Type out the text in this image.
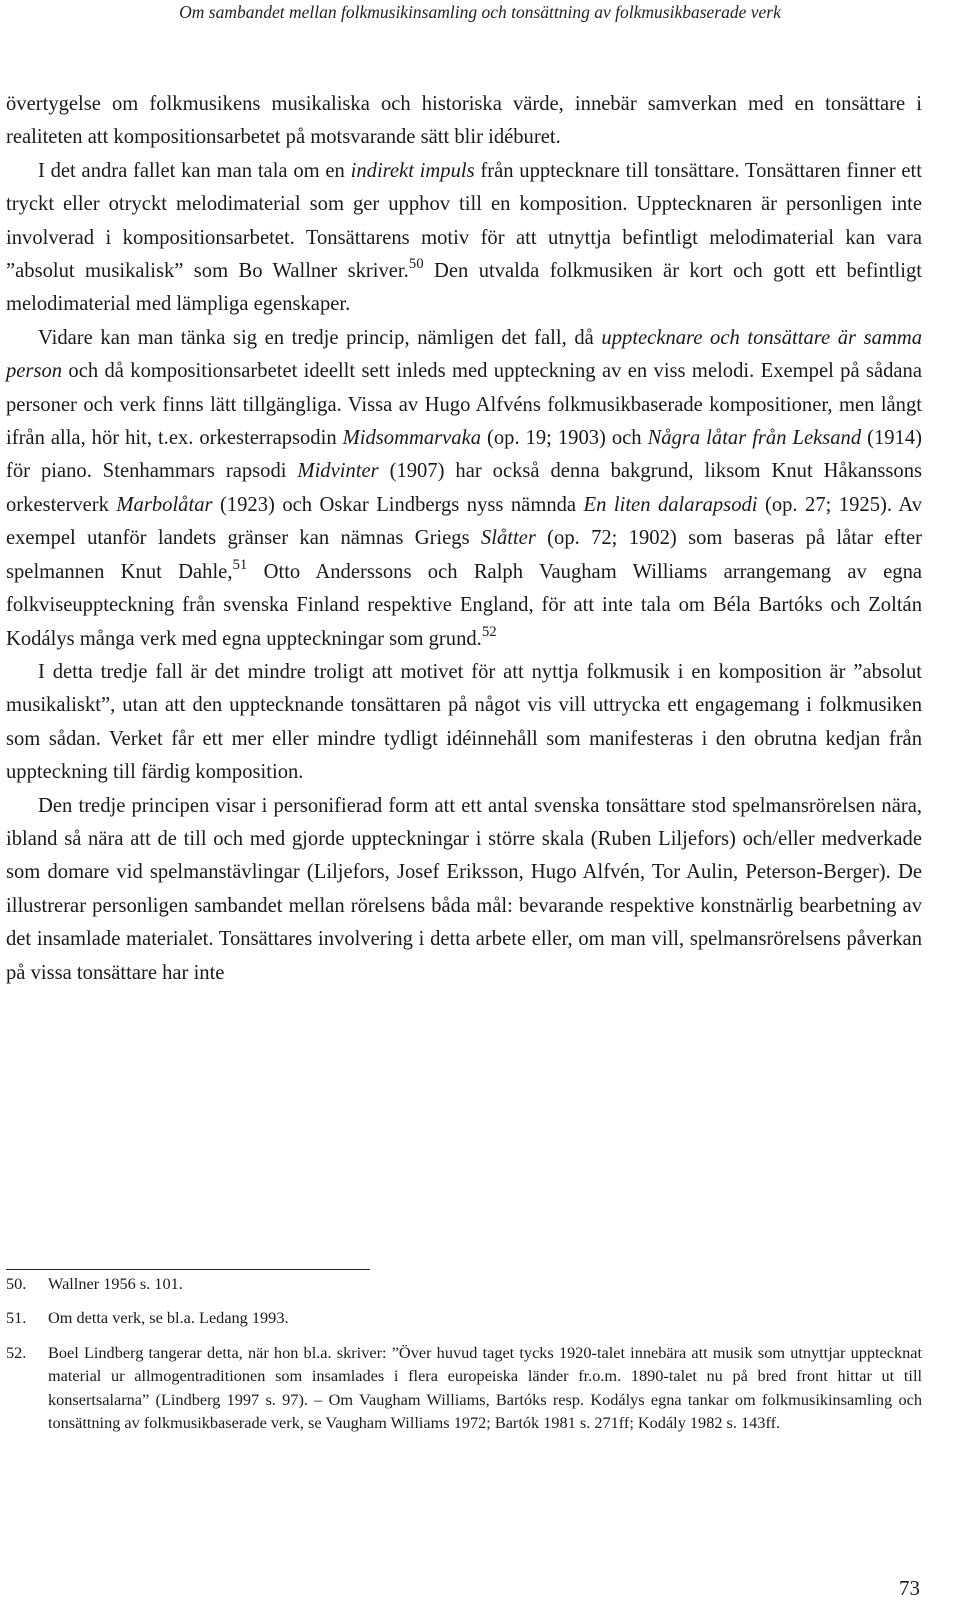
Om sambandet mellan folkmusikinsamling och tonsättning av folkmusikbaserade verk

övertygelse om folkmusikens musikaliska och historiska värde, innebär samverkan med en tonsättare i realiteten att kompositionsarbetet på motsvarande sätt blir idéburet.

I det andra fallet kan man tala om en indirekt impuls från upptecknare till tonsättare. Tonsättaren finner ett tryckt eller otryckt melodimaterial som ger upphov till en komposition. Upptecknaren är personligen inte involverad i kompositionsarbetet. Tonsättarens motiv för att utnyttja befintligt melodimaterial kan vara ”absolut musikalisk” som Bo Wallner skriver.$^{50}$ Den utvalda folkmusiken är kort och gott ett befintligt melodimaterial med lämpliga egenskaper.

Vidare kan man tänka sig en tredje princip, nämligen det fall, då upptecknare och tonsättare är samma person och då kompositionsarbetet ideellt sett inleds med uppteckning av en viss melodi. Exempel på sådana personer och verk finns lätt tillgängliga. Vissa av Hugo Alfvéns folkmusikbaserade kompositioner, men långt ifrån alla, hör hit, t.ex. orkesterrapsodin Midsommarvaka (op. 19; 1903) och Några låtar från Leksand (1914) för piano. Stenhammars rapsodi Midvinter (1907) har också denna bakgrund, liksom Knut Håkanssons orkesterverk Marbolåtar (1923) och Oskar Lindbergs nyss nämnda En liten dalarapsodi (op. 27; 1925). Av exempel utanför landets gränser kan nämnas Griegs Slåtter (op. 72; 1902) som baseras på låtar efter spelmannen Knut Dahle,$^{51}$ Otto Anderssons och Ralph Vaugham Williams arrangemang av egna folkviseuppteckning från svenska Finland respektive England, för att inte tala om Béla Bartóks och Zoltán Kodálys många verk med egna uppteckningar som grund.$^{52}$

I detta tredje fall är det mindre troligt att motivet för att nyttja folkmusik i en komposition är ”absolut musikaliskt”, utan att den upptecknande tonsättaren på något vis vill uttrycka ett engagemang i folkmusiken som sådan. Verket får ett mer eller mindre tydligt idéinnehåll som manifesteras i den obrutna kedjan från uppteckning till färdig komposition.

Den tredje principen visar i personifierad form att ett antal svenska tonsättare stod spelmansrörelsen nära, ibland så nära att de till och med gjorde uppteckningar i större skala (Ruben Liljefors) och/eller medverkade som domare vid spelmanstävlingar (Liljefors, Josef Eriksson, Hugo Alfvén, Tor Aulin, Peterson-Berger). De illustrerar personligen sambandet mellan rörelsens båda mål: bevarande respektive konstnärlig bearbetning av det insamlade materialet. Tonsättares involvering i detta arbete eller, om man vill, spelmansrörelsens påverkan på vissa tonsättare har inte

50. Wallner 1956 s. 101.
51. Om detta verk, se bl.a. Ledang 1993.
52. Boel Lindberg tangerar detta, när hon bl.a. skriver: ”Över huvud taget tycks 1920-talet innebära att musik som utnyttjar upptecknat material ur allmogentraditionen som insamlades i flera europeiska länder fr.o.m. 1890-talet nu på bred front hittar ut till konsertsalarna” (Lindberg 1997 s. 97). – Om Vaugham Williams, Bartóks resp. Kodálys egna tankar om folkmusikinsamling och tonsättning av folkmusikbaserade verk, se Vaugham Williams 1972; Bartók 1981 s. 271ff; Kodály 1982 s. 143ff.
73
